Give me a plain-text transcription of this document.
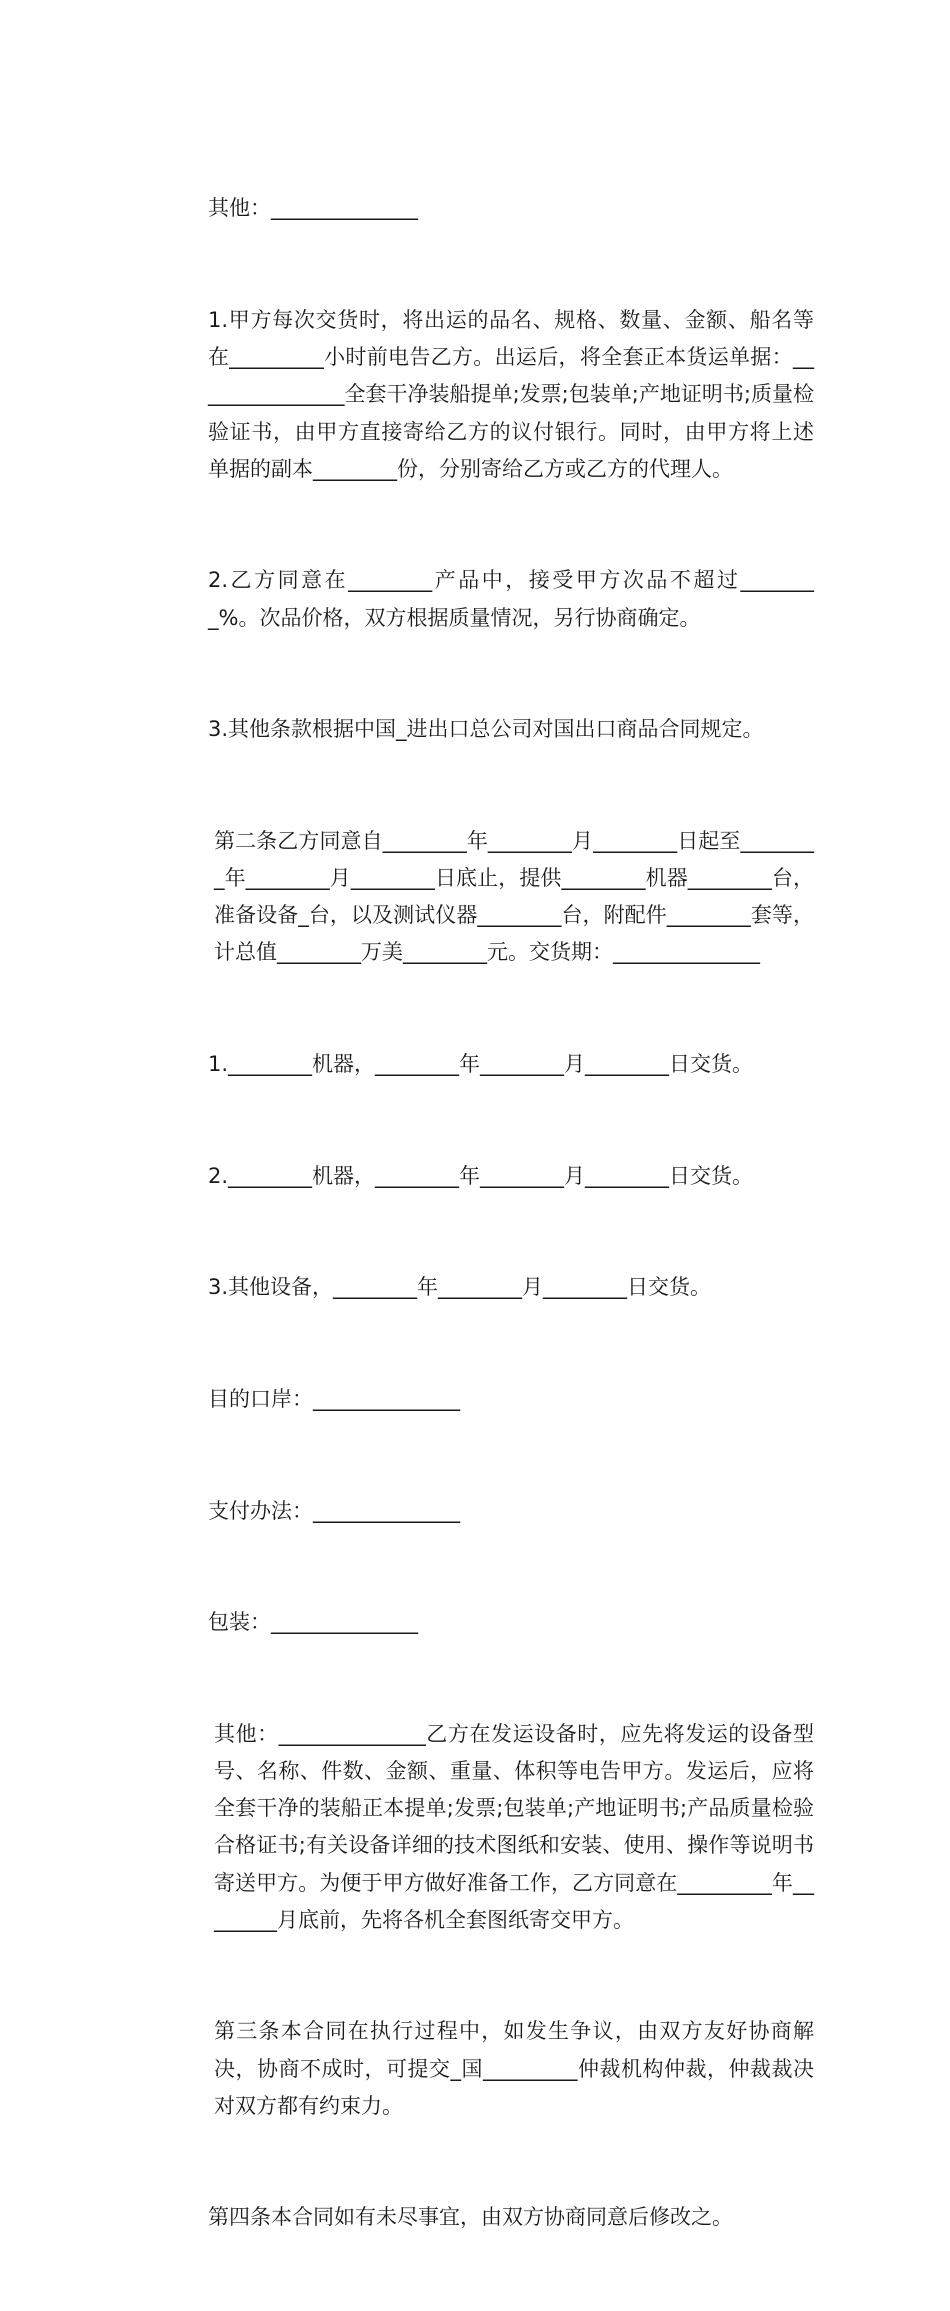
其他：______________

1.甲方每次交货时，将出运的品名、规格、数量、金额、船名等在_________小时前电告乙方。出运后，将全套正本货运单据：_______________全套干净装船提单;发票;包装单;产地证明书;质量检验证书，由甲方直接寄给乙方的议付银行。同时，由甲方将上述单据的副本________份，分别寄给乙方或乙方的代理人。

2.乙方同意在________产品中，接受甲方次品不超过________%。次品价格，双方根据质量情况，另行协商确定。

3.其他条款根据中国_进出口总公司对国出口商品合同规定。

第二条乙方同意自________年________月________日起至________年________月________日底止，提供________机器________台，准备设备_台，以及测试仪器________台，附配件________套等，计总值________万美________元。交货期：______________

1.________机器，________年________月________日交货。

2.________机器，________年________月________日交货。

3.其他设备，________年________月________日交货。

目的口岸：______________

支付办法：______________

包装：______________

其他：______________乙方在发运设备时，应先将发运的设备型号、名称、件数、金额、重量、体积等电告甲方。发运后，应将全套干净的装船正本提单;发票;包装单;产地证明书;产品质量检验合格证书;有关设备详细的技术图纸和安装、使用、操作等说明书寄送甲方。为便于甲方做好准备工作，乙方同意在_________年________月底前，先将各机全套图纸寄交甲方。

第三条本合同在执行过程中，如发生争议，由双方友好协商解决，协商不成时，可提交_国_________仲裁机构仲裁，仲裁裁决对双方都有约束力。

第四条本合同如有未尽事宜，由双方协商同意后修改之。
